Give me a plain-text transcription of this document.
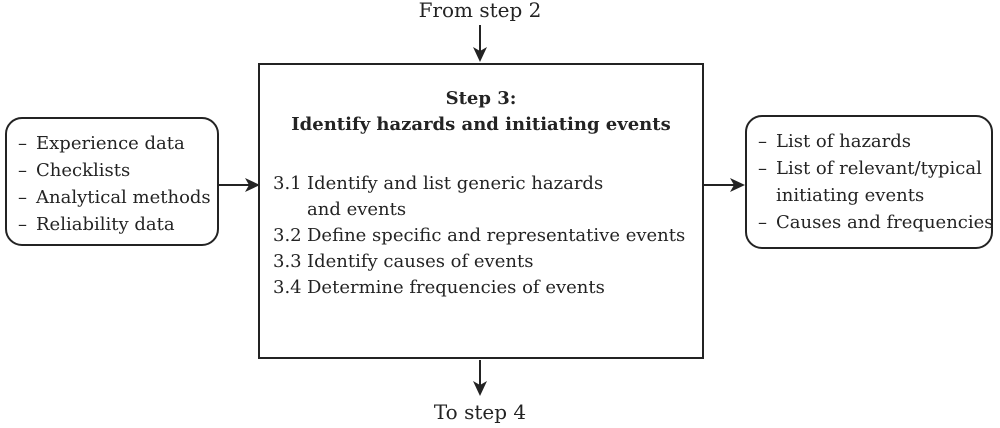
From step 2
– Experience data
– Checklists
– Analytical methods
– Reliability data
Step 3:
Identify hazards and initiating events
3.1 Identify and list generic hazards
and events
3.2 Define specific and representative events
3.3 Identify causes of events
3.4 Determine frequencies of events
– List of hazards
– List of relevant/typical
initiating events
– Causes and frequencies
To step 4
